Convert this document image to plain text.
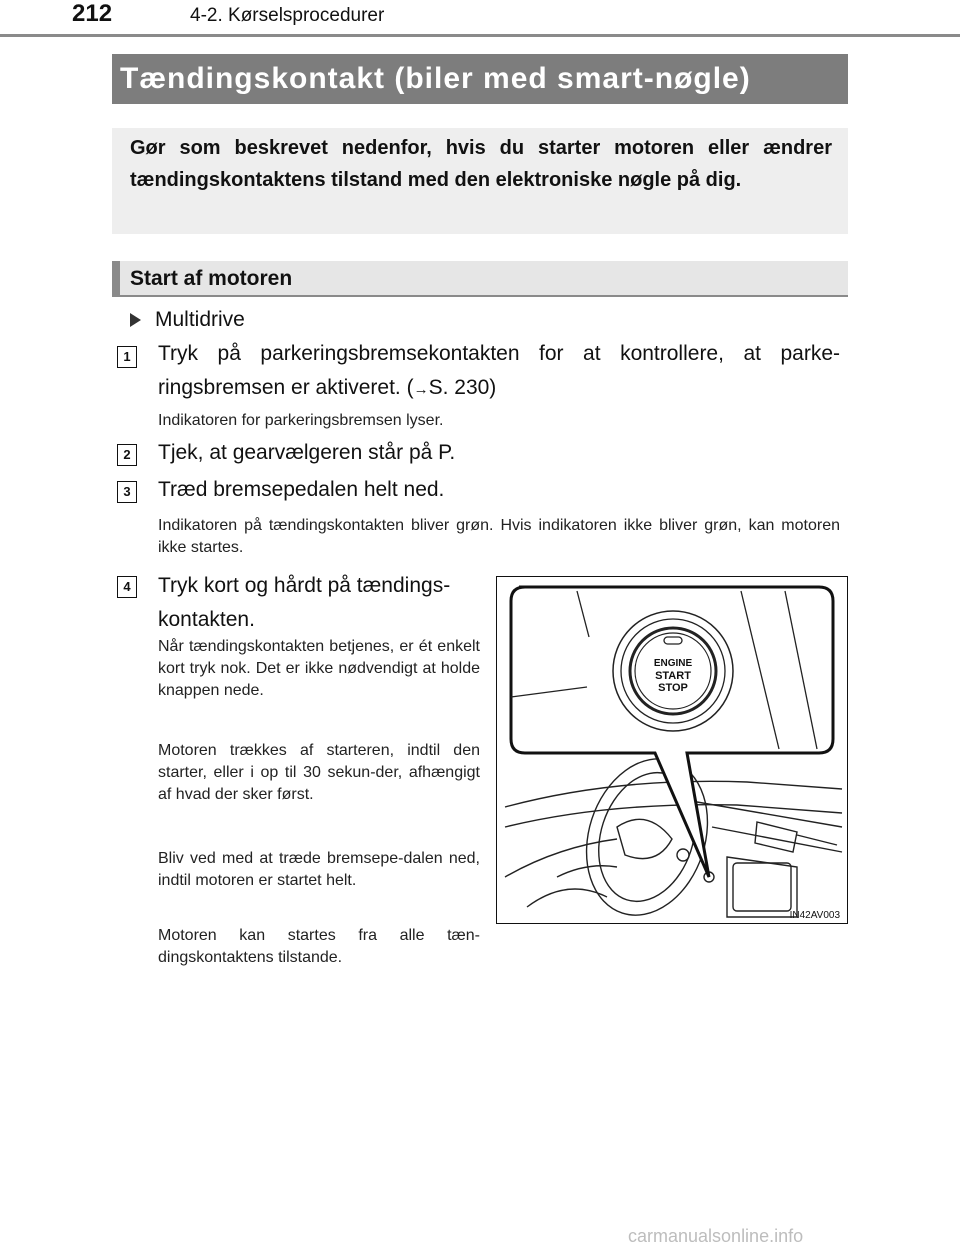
212	4-2. Kørselsprocedurer
Tændingskontakt (biler med smart-nøgle)
Gør som beskrevet nedenfor, hvis du starter motoren eller ændrer tændingskontaktens tilstand med den elektroniske nøgle på dig.
Start af motoren
Multidrive
1	Tryk på parkeringsbremsekontakten for at kontrollere, at parke-ringsbremsen er aktiveret. (→S. 230)
Indikatoren for parkeringsbremsen lyser.
2	Tjek, at gearvælgeren står på P.
3	Træd bremsepedalen helt ned.
Indikatoren på tændingskontakten bliver grøn. Hvis indikatoren ikke bliver grøn, kan motoren ikke startes.
4	Tryk kort og hårdt på tændings-kontakten.
Når tændingskontakten betjenes, er ét enkelt kort tryk nok. Det er ikke nødvendigt at holde knappen nede.
Motoren trækkes af starteren, indtil den starter, eller i op til 30 sekun-der, afhængigt af hvad der sker først.
Bliv ved med at træde bremsepe-dalen ned, indtil motoren er startet helt.
Motoren kan startes fra alle tæn-dingskontaktens tilstande.
ENGINE
START
STOP
IN42AV003
carmanualsonline.info
